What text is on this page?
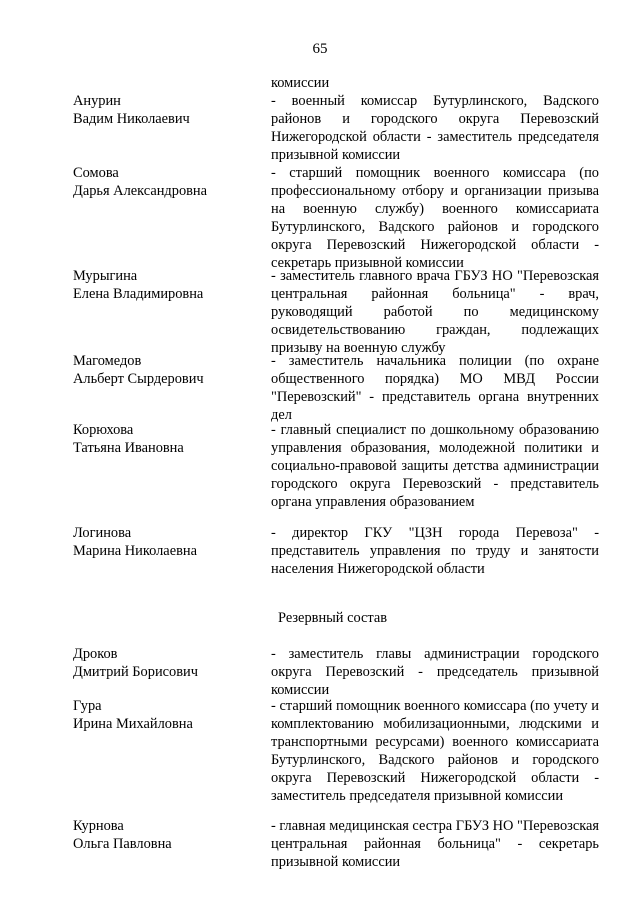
65
комиссии
Анурин
Вадим Николаевич
- военный комиссар Бутурлинского, Вадского районов и городского округа Перевозский Нижегородской области - заместитель председателя призывной комиссии
Сомова
Дарья Александровна
- старший помощник военного комиссара (по профессиональному отбору и организации призыва на военную службу) военного комиссариата Бутурлинского, Вадского районов и городского округа Перевозский Нижегородской области - секретарь призывной комиссии
Мурыгина
Елена Владимировна
- заместитель главного врача ГБУЗ НО "Перевозская центральная районная больница" - врач, руководящий работой по медицинскому освидетельствованию граждан, подлежащих призыву на военную службу
Магомедов
Альберт Сырдерович
- заместитель начальника полиции (по охране общественного порядка) МО МВД России "Перевозский" - представитель органа внутренних дел
Корюхова
Татьяна Ивановна
- главный специалист по дошкольному образованию управления образования, молодежной политики и социально-правовой защиты детства администрации городского округа Перевозский - представитель органа управления образованием
Логинова
Марина Николаевна
- директор ГКУ "ЦЗН города Перевоза" - представитель управления по труду и занятости населения Нижегородской области
Резервный состав
Дроков
Дмитрий Борисович
- заместитель главы администрации городского округа Перевозский - председатель призывной комиссии
Гура
Ирина Михайловна
- старший помощник военного комиссара (по учету и комплектованию мобилизационными, людскими и транспортными ресурсами) военного комиссариата Бутурлинского, Вадского районов и городского округа Перевозский Нижегородской области - заместитель председателя призывной комиссии
Курнова
Ольга Павловна
- главная медицинская сестра ГБУЗ НО "Перевозская центральная районная больница" - секретарь призывной комиссии
